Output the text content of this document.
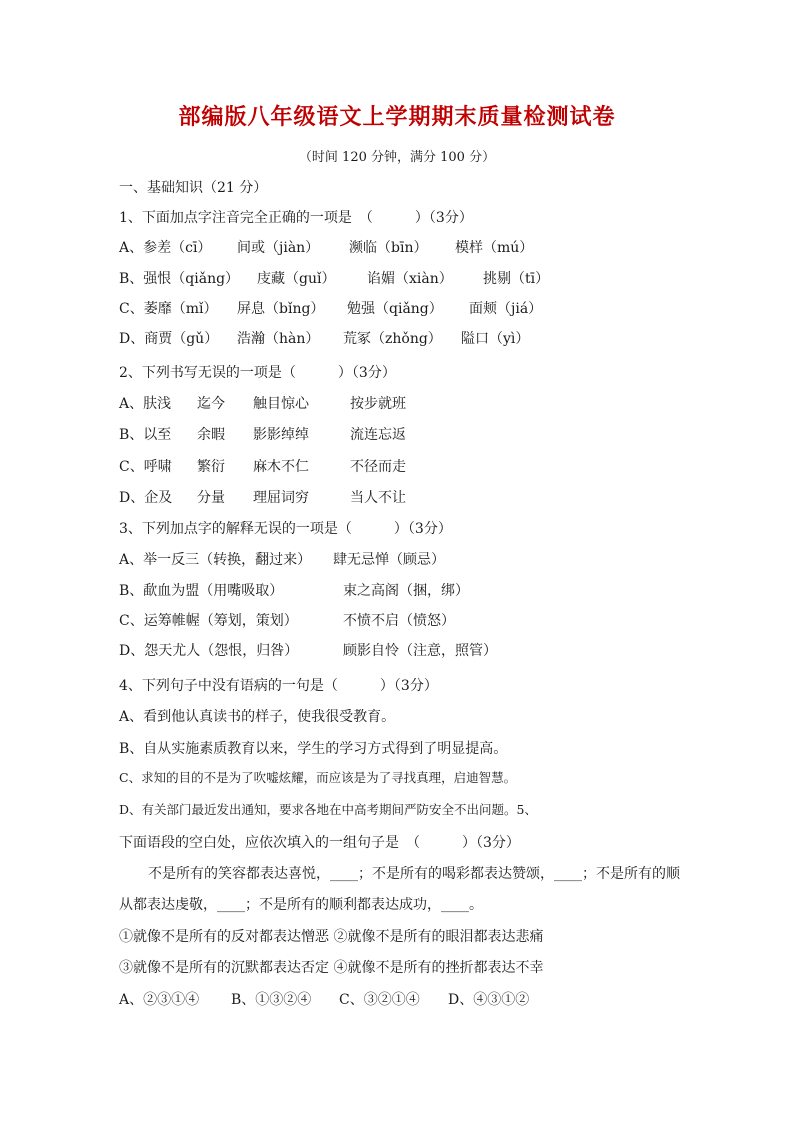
部编版八年级语文上学期期末质量检测试卷
（时间 120 分钟，满分 100 分）
一、基础知识（21 分）
1、下面加点字注音完全正确的一项是　（　　　）（3分）
A、参差（cī） 间或（jiàn） 濒临（bīn） 模样（mú）
B、强恨（qiǎng） 庋藏（guǐ） 谄媚（xiàn） 挑剔（tī）
C、萎靡（mǐ） 屏息（bǐng） 勉强（qiǎng） 面颊（jiá）
D、商贾（gǔ） 浩瀚（hàn） 荒冢（zhǒng） 隘口（yì）
2、下列书写无误的一项是（　　　）（3分）
A、肤浅 迄今 触目惊心	按步就班
B、以至 余暇 影影绰绰	流连忘返
C、呼啸 繁衍 麻木不仁	不径而走
D、企及 分量 理屈词穷	当人不让
3、下列加点字的解释无误的一项是（　　　）（3分）
A、举一反三（转换，翻过来） 肆无忌惮（顾忌）
B、歃血为盟（用嘴吸取）	束之高阁（捆，绑）
C、运筹帷幄（筹划，策划）	不愤不启（愤怒）
D、怨天尤人（怨恨，归咎）	顾影自怜（注意，照管）
4、下列句子中没有语病的一句是（　　　）（3分）
A、看到他认真读书的样子，使我很受教育。
B、自从实施素质教育以来，学生的学习方式得到了明显提高。
C、求知的目的不是为了吹嘘炫耀，而应该是为了寻找真理，启迪智慧。
D、有关部门最近发出通知，要求各地在中高考期间严防安全不出问题。5、
下面语段的空白处，应依次填入的一组句子是　（　　　）（3分）
不是所有的笑容都表达喜悦，____；不是所有的喝彩都表达赞颂，____；不是所有的顺
从都表达虔敬，____；不是所有的顺利都表达成功，____。
①就像不是所有的反对都表达憎恶 ②就像不是所有的眼泪都表达悲痛
③就像不是所有的沉默都表达否定 ④就像不是所有的挫折都表达不幸
A、②③①④ B、①③②④ C、③②①④ D、④③①②
